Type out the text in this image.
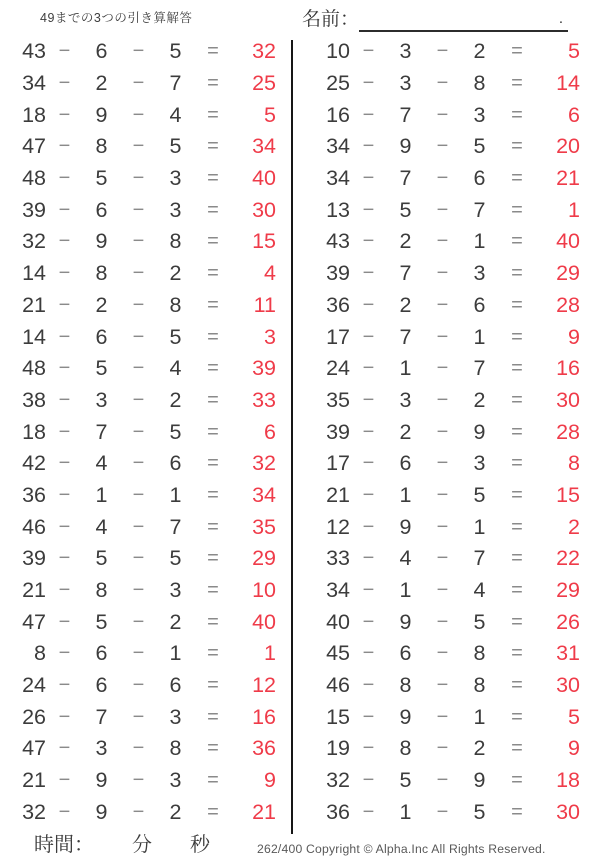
49までの3つの引き算解答	名前：	.
43 −	6	−	5	=	32
34 −	2	−	7	=	25
18 −	9	−	4	=	5
47 −	8	−	5	=	34
48 −	5	−	3	=	40
39 −	6	−	3	=	30
32 −	9	−	8	=	15
14 −	8	−	2	=	4
21 −	2	−	8	=	11
14 −	6	−	5	=	3
48 −	5	−	4	=	39
38 −	3	−	2	=	33
18 −	7	−	5	=	6
42 −	4	−	6	=	32
36 −	1	−	1	=	34
46 −	4	−	7	=	35
39 −	5	−	5	=	29
21 −	8	−	3	=	10
47 −	5	−	2	=	40
8 −	6	−	1	=	1
24 −	6	−	6	=	12
26 −	7	−	3	=	16
47 −	3	−	8	=	36
21 −	9	−	3	=	9
32 −	9	−	2	=	21
10 −	3	−	2	=	5
25 −	3	−	8	=	14
16 −	7	−	3	=	6
34 −	9	−	5	=	20
34 −	7	−	6	=	21
13 −	5	−	7	=	1
43 −	2	−	1	=	40
39 −	7	−	3	=	29
36 −	2	−	6	=	28
17 −	7	−	1	=	9
24 −	1	−	7	=	16
35 −	3	−	2	=	30
39 −	2	−	9	=	28
17 −	6	−	3	=	8
21 −	1	−	5	=	15
12 −	9	−	1	=	2
33 −	4	−	7	=	22
34 −	1	−	4	=	29
40 −	9	−	5	=	26
45 −	6	−	8	=	31
46 −	8	−	8	=	30
15 −	9	−	1	=	5
19 −	8	−	2	=	9
32 −	5	−	9	=	18
36 −	1	−	5	=	30
時間： 分 秒	262/400 Copyright © Alpha.Inc All Rights Reserved.
